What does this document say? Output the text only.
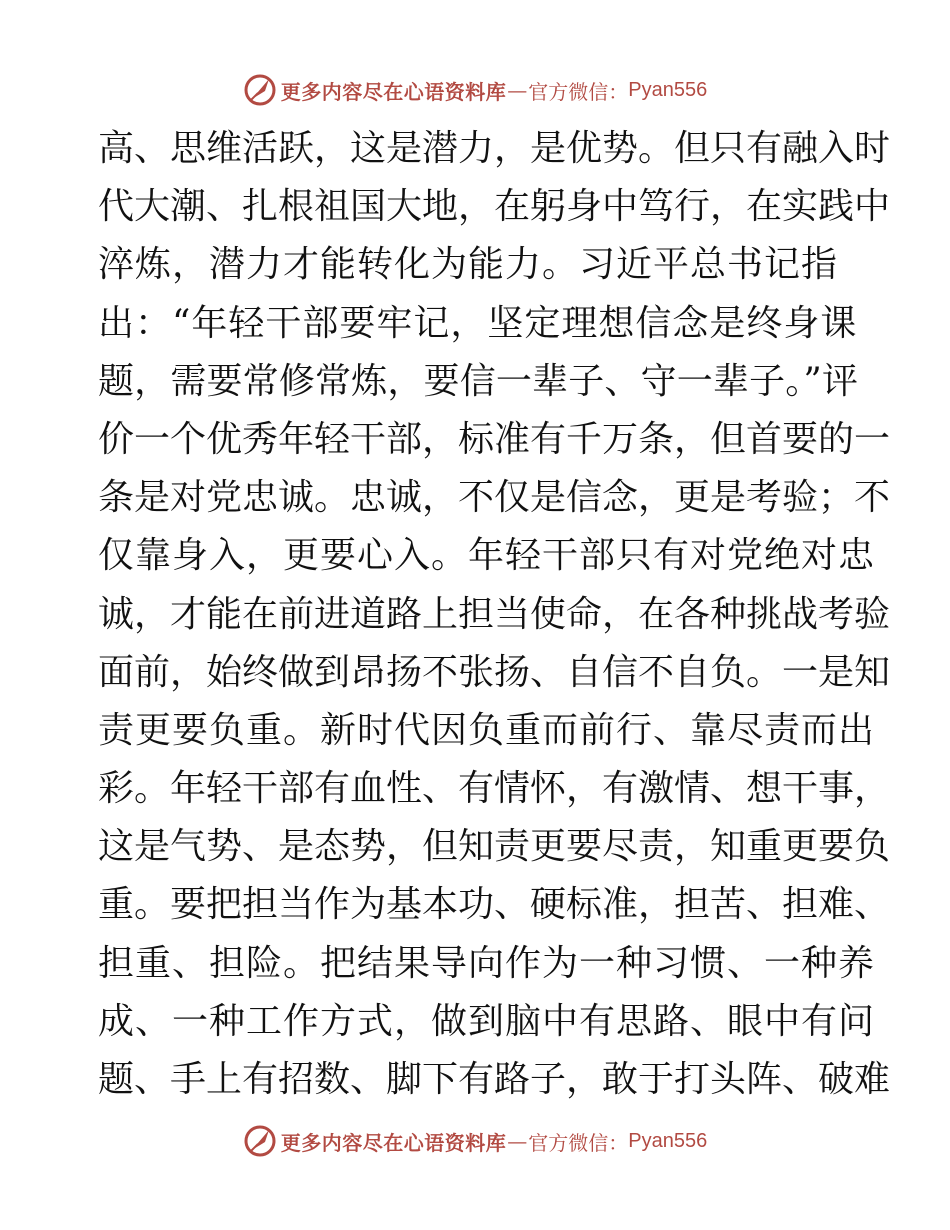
更多内容尽在心语资料库 — 官方微信： Pyan556
高、思维活跃，这是潜力，是优势。但只有融入时
代大潮、扎根祖国大地，在躬身中笃行，在实践中
淬炼，潜力才能转化为能力。习近平总书记指
出：“年轻干部要牢记，坚定理想信念是终身课
题，需要常修常炼，要信一辈子、守一辈子。”评
价一个优秀年轻干部，标准有千万条，但首要的一
条是对党忠诚。忠诚，不仅是信念，更是考验；不
仅靠身入，更要心入。年轻干部只有对党绝对忠
诚，才能在前进道路上担当使命，在各种挑战考验
面前，始终做到昂扬不张扬、自信不自负。一是知
责更要负重。新时代因负重而前行、靠尽责而出
彩。年轻干部有血性、有情怀，有激情、想干事，
这是气势、是态势，但知责更要尽责，知重更要负
重。要把担当作为基本功、硬标准，担苦、担难、
担重、担险。把结果导向作为一种习惯、一种养
成、一种工作方式，做到脑中有思路、眼中有问
题、手上有招数、脚下有路子，敢于打头阵、破难
更多内容尽在心语资料库 — 官方微信： Pyan556
